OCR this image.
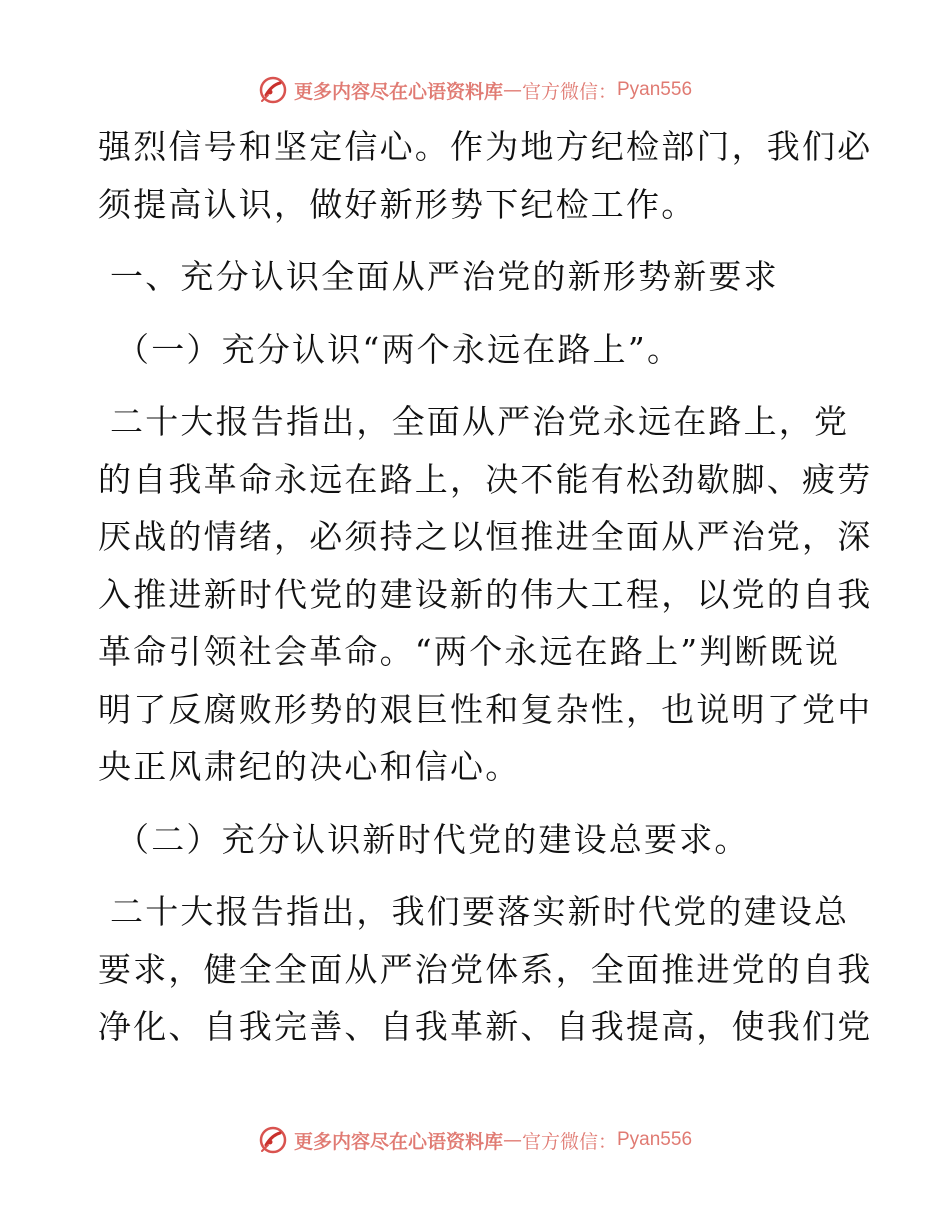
更多内容尽在心语资料库 — 官方微信： Pyan556
强烈信号和坚定信心。作为地方纪检部门，我们必
须提高认识，做好新形势下纪检工作。
一、充分认识全面从严治党的新形势新要求
（一）充分认识“两个永远在路上”。
二十大报告指出，全面从严治党永远在路上，党
的自我革命永远在路上，决不能有松劲歇脚、疲劳
厌战的情绪，必须持之以恒推进全面从严治党，深
入推进新时代党的建设新的伟大工程，以党的自我
革命引领社会革命。“两个永远在路上”判断既说
明了反腐败形势的艰巨性和复杂性，也说明了党中
央正风肃纪的决心和信心。
（二）充分认识新时代党的建设总要求。
二十大报告指出，我们要落实新时代党的建设总
要求，健全全面从严治党体系，全面推进党的自我
净化、自我完善、自我革新、自我提高，使我们党
更多内容尽在心语资料库 — 官方微信： Pyan556
